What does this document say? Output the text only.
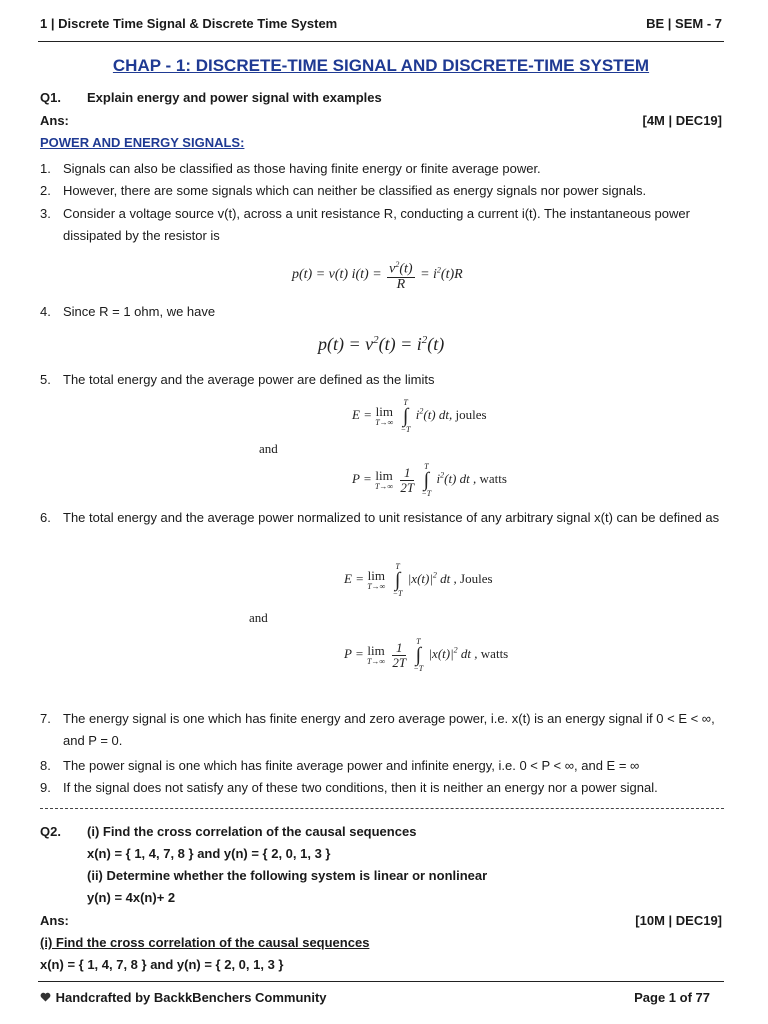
1 | Discrete Time Signal & Discrete Time System	BE | SEM - 7
CHAP - 1: DISCRETE-TIME SIGNAL AND DISCRETE-TIME SYSTEM
Q1. Explain energy and power signal with examples
Ans:	[4M | DEC19]
POWER AND ENERGY SIGNALS:
1. Signals can also be classified as those having finite energy or finite average power.
2. However, there are some signals which can neither be classified as energy signals nor power signals.
3. Consider a voltage source v(t), across a unit resistance R, conducting a current i(t). The instantaneous power dissipated by the resistor is
p(t) = v(t) $i(t) = \frac{v^2(t)}{R} = i^2(t)R$
4. Since R = 1 ohm, we have
$p(t) = v^2(t) = i^2(t)$
5. The total energy and the average power are defined as the limits
E = lim
T→∞

T
∫
−T
$i^2(t)$ dt, joules
and
P = lim
T→∞
$\frac{1}{2T}$
	T
∫
−T
$i^2(t)$ dt , watts
6. The total energy and the average power normalized to unit resistance of any arbitrary signal x(t) can be defined as
E = lim
T→∞

T
∫
−T
$|x(t)|^2$ dt , Joules
and
P = lim
T→∞
$\frac{1}{2T}$
	T
∫
−T
$|x(t)|^2$ dt , watts
7. The energy signal is one which has finite energy and zero average power, i.e. x(t) is an energy signal if 0 < E < ∞, and P = 0.
8. The power signal is one which has finite average power and infinite energy, i.e. 0 < P < ∞, and E = ∞
9. If the signal does not satisfy any of these two conditions, then it is neither an energy nor a power signal.
Q2. (i) Find the cross correlation of the causal sequences
x(n) = { 1, 4, 7, 8 } and y(n) = { 2, 0, 1, 3 }
(ii) Determine whether the following system is linear or nonlinear
y(n) = 4x(n)+ 2
Ans:	[10M | DEC19]
(i) Find the cross correlation of the causal sequences
x(n) = { 1, 4, 7, 8 } and y(n) = { 2, 0, 1, 3 }
Handcrafted by BackkBenchers Community	Page 1 of 77
